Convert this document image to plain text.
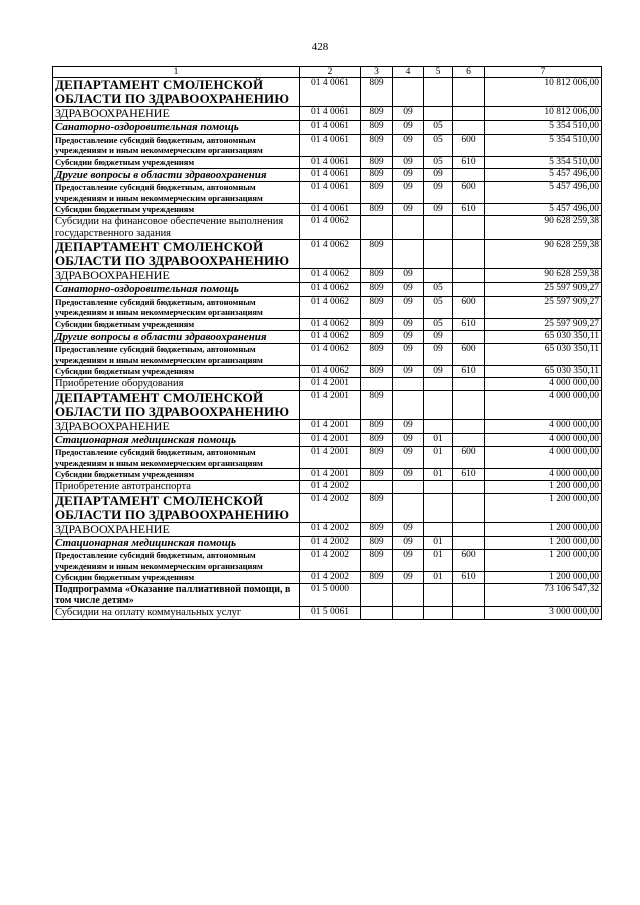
428
1	2	3	4	5	6	7
ДЕПАРТАМЕНТ СМОЛЕНСКОЙ ОБЛАСТИ ПО ЗДРАВООХРАНЕНИЮ	01 4 0061	809				10 812 006,00
ЗДРАВООХРАНЕНИЕ	01 4 0061	809	09			10 812 006,00
Санаторно-оздоровительная помощь	01 4 0061	809	09	05		5 354 510,00
Предоставление субсидий бюджетным, автономным учреждениям и иным некоммерческим организациям	01 4 0061	809	09	05	600	5 354 510,00
Субсидии бюджетным учреждениям	01 4 0061	809	09	05	610	5 354 510,00
Другие вопросы в области здравоохранения	01 4 0061	809	09	09		5 457 496,00
Предоставление субсидий бюджетным, автономным учреждениям и иным некоммерческим организациям	01 4 0061	809	09	09	600	5 457 496,00
Субсидии бюджетным учреждениям	01 4 0061	809	09	09	610	5 457 496,00
Субсидии на финансовое обеспечение выполнения государственного задания	01 4 0062					90 628 259,38
ДЕПАРТАМЕНТ СМОЛЕНСКОЙ ОБЛАСТИ ПО ЗДРАВООХРАНЕНИЮ	01 4 0062	809				90 628 259,38
ЗДРАВООХРАНЕНИЕ	01 4 0062	809	09			90 628 259,38
Санаторно-оздоровительная помощь	01 4 0062	809	09	05		25 597 909,27
Предоставление субсидий бюджетным, автономным учреждениям и иным некоммерческим организациям	01 4 0062	809	09	05	600	25 597 909,27
Субсидии бюджетным учреждениям	01 4 0062	809	09	05	610	25 597 909,27
Другие вопросы в области здравоохранения	01 4 0062	809	09	09		65 030 350,11
Предоставление субсидий бюджетным, автономным учреждениям и иным некоммерческим организациям	01 4 0062	809	09	09	600	65 030 350,11
Субсидии бюджетным учреждениям	01 4 0062	809	09	09	610	65 030 350,11
Приобретение оборудования	01 4 2001					4 000 000,00
ДЕПАРТАМЕНТ СМОЛЕНСКОЙ ОБЛАСТИ ПО ЗДРАВООХРАНЕНИЮ	01 4 2001	809				4 000 000,00
ЗДРАВООХРАНЕНИЕ	01 4 2001	809	09			4 000 000,00
Стационарная медицинская помощь	01 4 2001	809	09	01		4 000 000,00
Предоставление субсидий бюджетным, автономным учреждениям и иным некоммерческим организациям	01 4 2001	809	09	01	600	4 000 000,00
Субсидии бюджетным учреждениям	01 4 2001	809	09	01	610	4 000 000,00
Приобретение автотранспорта	01 4 2002					1 200 000,00
ДЕПАРТАМЕНТ СМОЛЕНСКОЙ ОБЛАСТИ ПО ЗДРАВООХРАНЕНИЮ	01 4 2002	809				1 200 000,00
ЗДРАВООХРАНЕНИЕ	01 4 2002	809	09			1 200 000,00
Стационарная медицинская помощь	01 4 2002	809	09	01		1 200 000,00
Предоставление субсидий бюджетным, автономным учреждениям и иным некоммерческим организациям	01 4 2002	809	09	01	600	1 200 000,00
Субсидии бюджетным учреждениям	01 4 2002	809	09	01	610	1 200 000,00
Подпрограмма «Оказание паллиативной помощи, в том числе детям»	01 5 0000					73 106 547,32
Субсидии на оплату коммунальных услуг	01 5 0061					3 000 000,00
